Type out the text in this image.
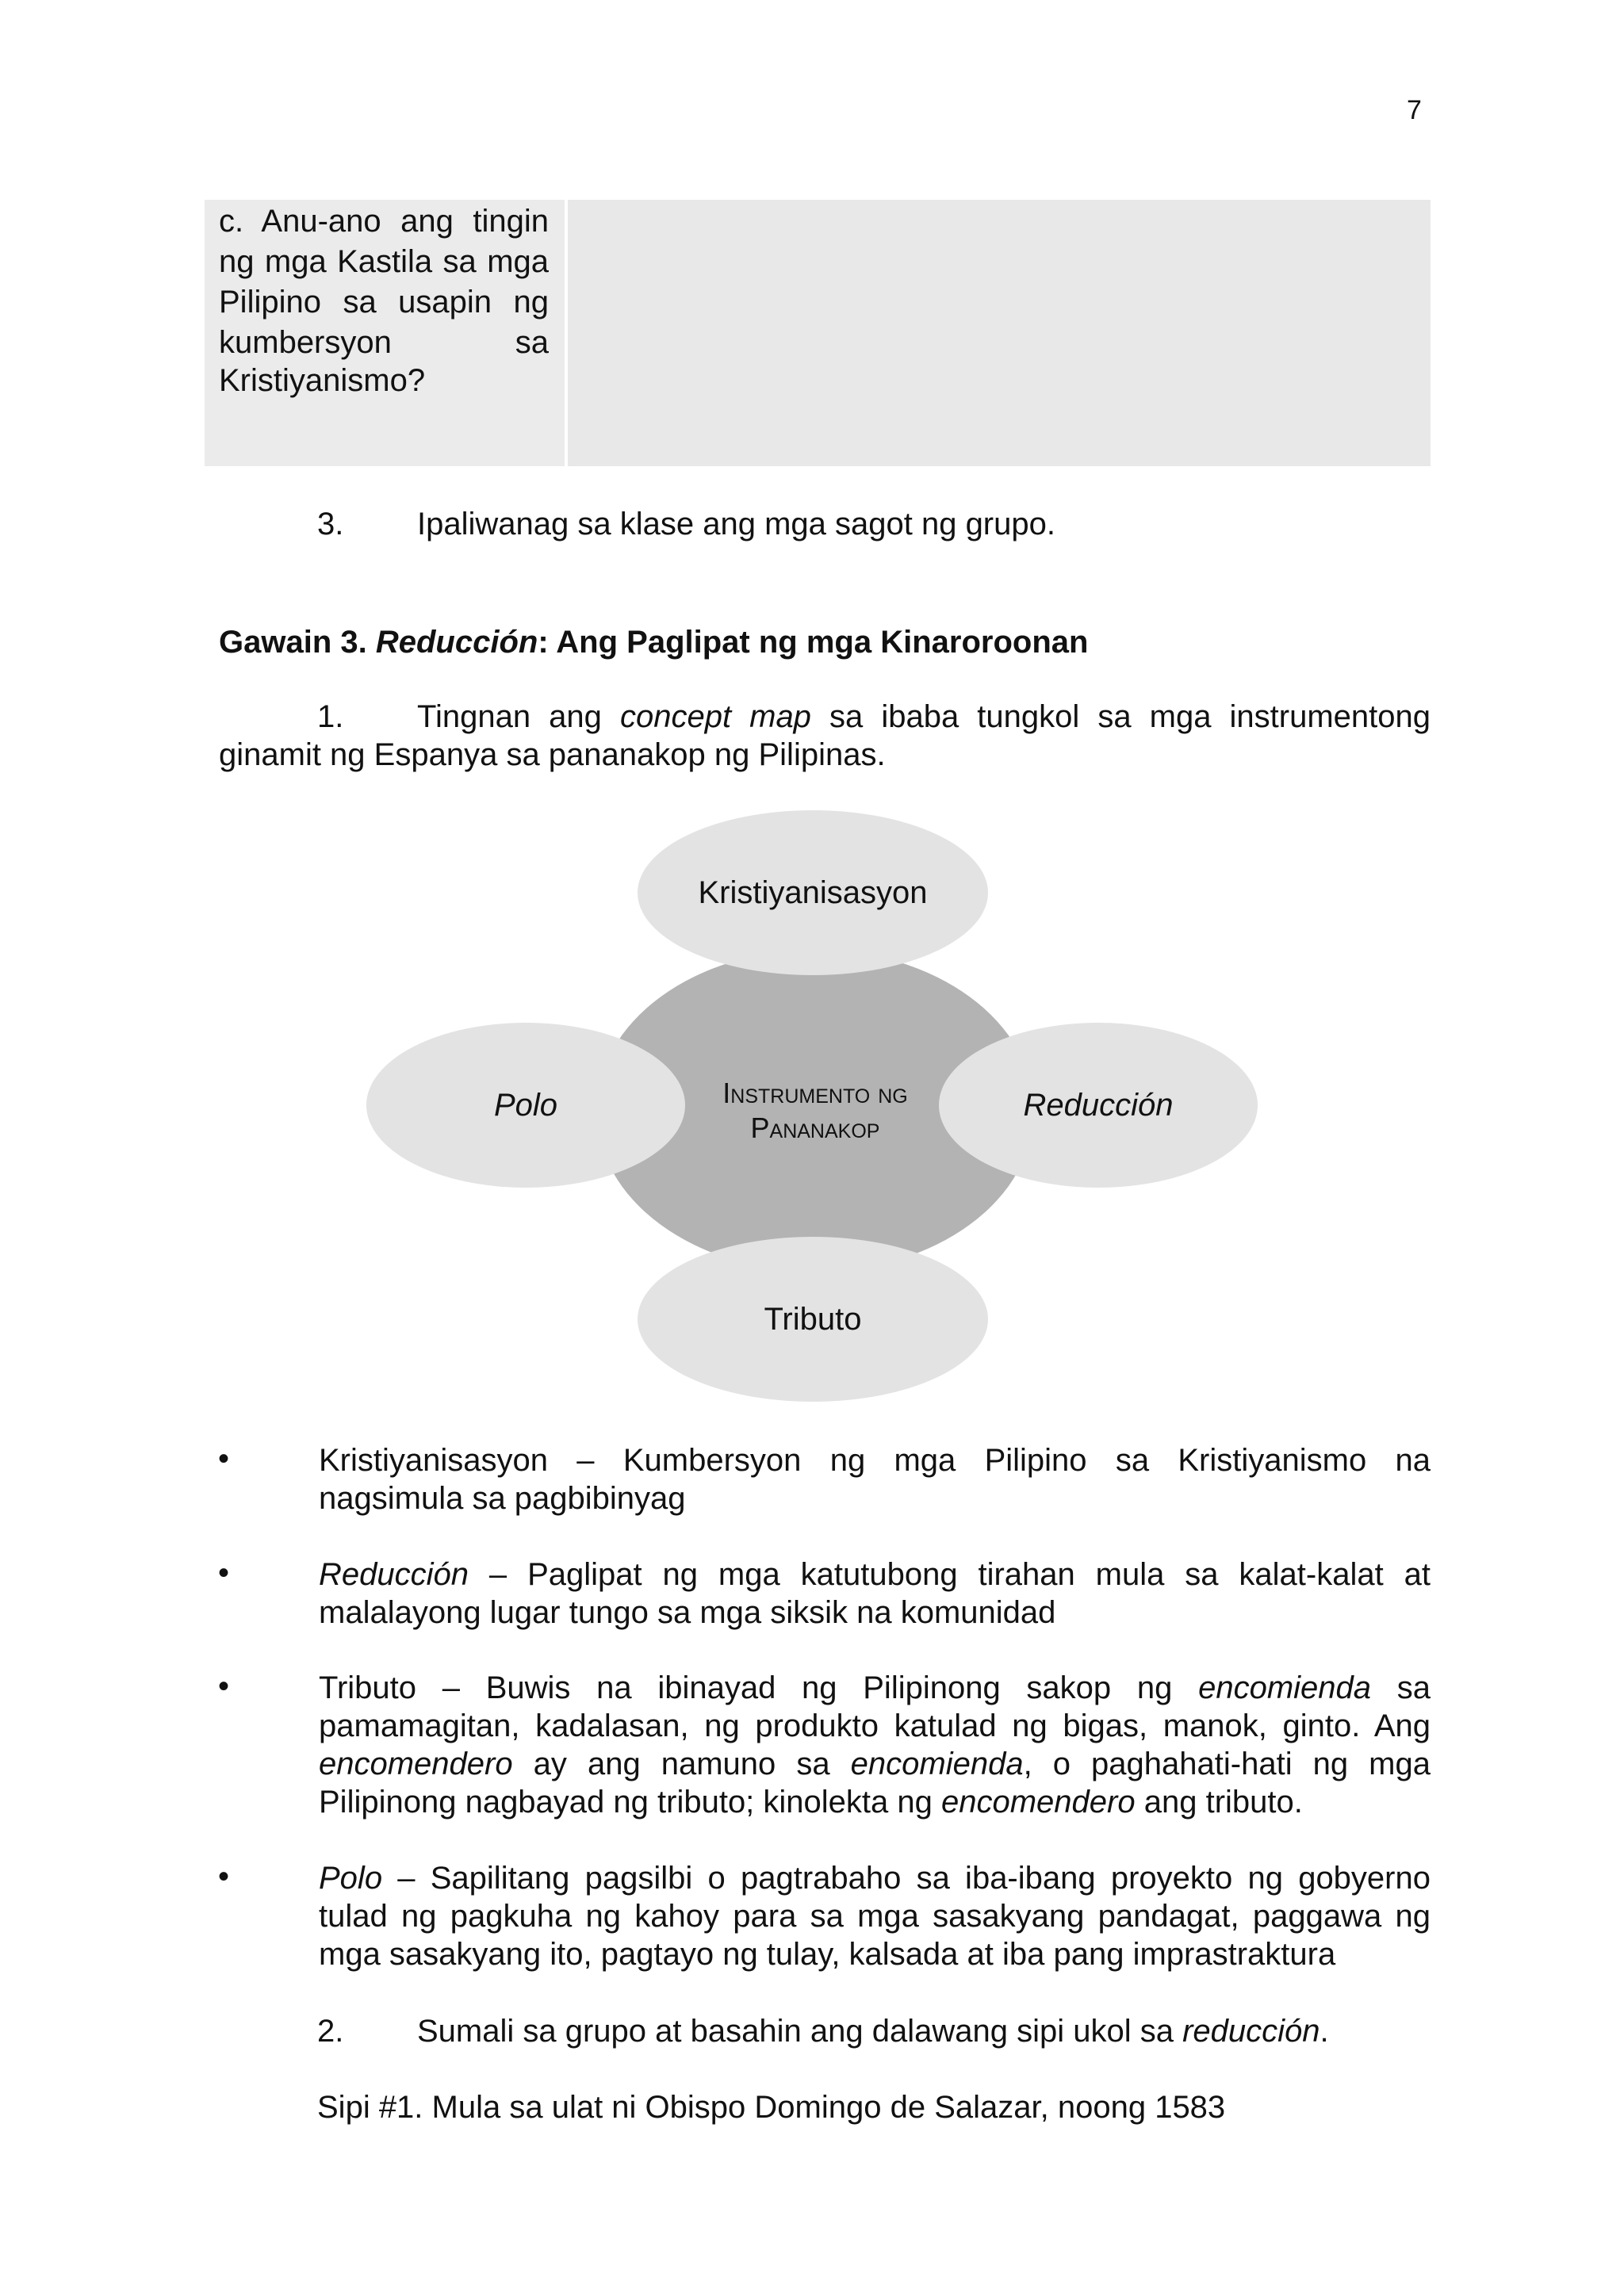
7
c. Anu-ano ang tingin
ng mga Kastila sa mga
Pilipino sa usapin ng
kumbersyon sa
Kristiyanismo?
3. Ipaliwanag sa klase ang mga sagot ng grupo.
Gawain 3. Reducción: Ang Paglipat ng mga Kinaroroonan
1. Tingnan ang concept map sa ibaba tungkol sa mga instrumentong
ginamit ng Espanya sa pananakop ng Pilipinas.
Instrumento ng
Pananakop
Kristiyanisasyon
Tributo
Polo	Reducción
•	Kristiyanisasyon – Kumbersyon ng mga Pilipino sa Kristiyanismo na
nagsimula sa pagbibinyag
•	Reducción – Paglipat ng mga katutubong tirahan mula sa kalat-kalat at
malalayong lugar tungo sa mga siksik na komunidad
•	Tributo – Buwis na ibinayad ng Pilipinong sakop ng encomienda sa
pamamagitan, kadalasan, ng produkto katulad ng bigas, manok, ginto. Ang
encomendero ay ang namuno sa encomienda, o paghahati-hati ng mga
Pilipinong nagbayad ng tributo; kinolekta ng encomendero ang tributo.
•	Polo – Sapilitang pagsilbi o pagtrabaho sa iba-ibang proyekto ng gobyerno
tulad ng pagkuha ng kahoy para sa mga sasakyang pandagat, paggawa ng
mga sasakyang ito, pagtayo ng tulay, kalsada at iba pang imprastraktura
2. Sumali sa grupo at basahin ang dalawang sipi ukol sa reducción.
Sipi #1. Mula sa ulat ni Obispo Domingo de Salazar, noong 1583
